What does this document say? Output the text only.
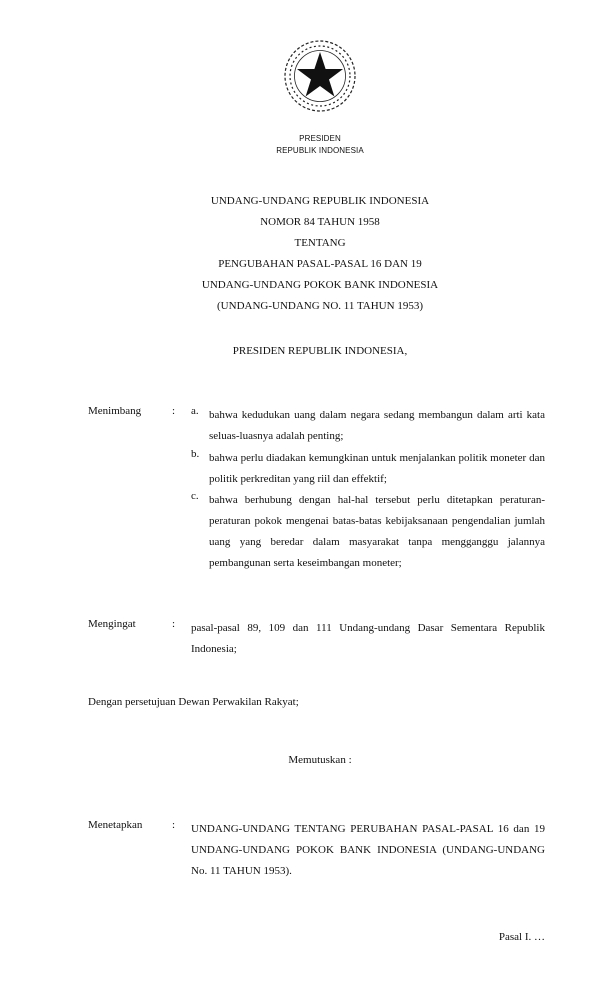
PRESIDEN
REPUBLIK INDONESIA
UNDANG-UNDANG REPUBLIK INDONESIA
NOMOR 84 TAHUN 1958
TENTANG
PENGUBAHAN PASAL-PASAL 16 DAN 19
UNDANG-UNDANG POKOK BANK INDONESIA
(UNDANG-UNDANG NO. 11 TAHUN 1953)
PRESIDEN REPUBLIK INDONESIA,
Menimbang	: a. bahwa kedudukan uang dalam negara sedang membangun dalam arti kata seluas-luasnya adalah penting;
b. bahwa perlu diadakan kemungkinan untuk menjalankan politik moneter dan politik perkreditan yang riil dan effektif;
c. bahwa berhubung dengan hal-hal tersebut perlu ditetapkan peraturan-peraturan pokok mengenai batas-batas kebijaksanaan pengendalian jumlah uang yang beredar dalam masyarakat tanpa mengganggu jalannya pembangunan serta keseimbangan moneter;
Mengingat	: pasal-pasal 89, 109 dan 111 Undang-undang Dasar Sementara Republik Indonesia;
Dengan persetujuan Dewan Perwakilan Rakyat;
Memutuskan :
Menetapkan	: UNDANG-UNDANG TENTANG PERUBAHAN PASAL-PASAL 16 dan 19 UNDANG-UNDANG POKOK BANK INDONESIA (UNDANG-UNDANG No. 11 TAHUN 1953).
Pasal I. …
